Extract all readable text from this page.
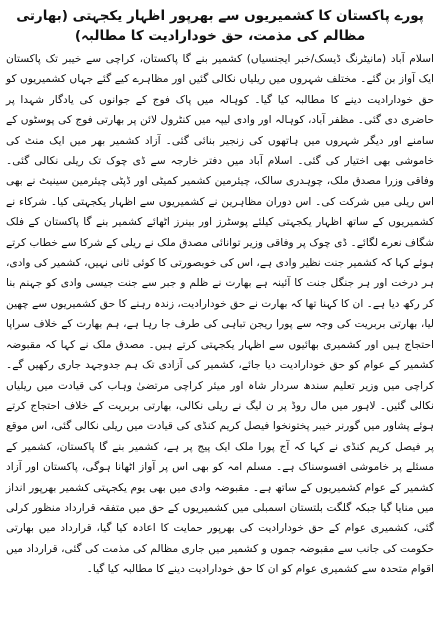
پورے پاکستان کا کشمیریوں سے بھرپور اظہار یکجہتی (بھارتی مظالم کی مذمت، حق خودارادیت کا مطالبہ)

اسلام آباد (مانیٹرنگ ڈیسک/خبر ایجنسیاں) کشمیر بنے گا پاکستان، کراچی سے خیبر تک پاکستان ایک آواز بن گئے۔ مختلف شہروں میں ریلیاں نکالی گئیں اور مظاہرے کیے گئے جہاں کشمیریوں کو حق خودارادیت دینے کا مطالبہ کیا گیا۔ کوہالہ میں پاک فوج کے جوانوں کی یادگار شہدا پر حاضری دی گئی۔ مظفر آباد، کوہالہ اور وادی لیپہ میں کنٹرول لائن پر بھارتی فوج کی پوسٹوں کے سامنے اور دیگر شہروں میں ہاتھوں کی زنجیر بنائی گئی۔ آزاد کشمیر بھر میں ایک منٹ کی خاموشی بھی اختیار کی گئی۔ اسلام آباد میں دفتر خارجہ سے ڈی چوک تک ریلی نکالی گئی۔ وفاقی وزرا مصدق ملک، چوہدری سالک، چیئرمین کشمیر کمیٹی اور ڈپٹی چیئرمین سینیٹ نے بھی اس ریلی میں شرکت کی۔ اس دوران مظاہرین نے کشمیریوں سے اظہار یکجہتی کیا۔ شرکاء نے کشمیریوں کے ساتھ اظہار یکجہتی کیلئے پوسٹرز اور بینرز اٹھائے کشمیر بنے گا پاکستان کے فلک شگاف نعرے لگائے۔ ڈی چوک پر وفاقی وزیر توانائی مصدق ملک نے ریلی کے شرکا سے خطاب کرتے ہوئے کہا کہ کشمیر جنت نظیر وادی ہے، اس کی خوبصورتی کا کوئی ثانی نہیں، کشمیر کی وادی، ہر درخت اور ہر جنگل جنت کا آئینہ ہے بھارت نے ظلم و جبر سے جنت جیسی وادی کو جہنم بنا کر رکھ دیا ہے۔ ان کا کہنا تھا کہ بھارت نے حق خودارادیت، زندہ رہنے کا حق کشمیریوں سے چھین لیا، بھارتی بربریت کی وجہ سے پورا ریجن تباہی کی طرف جا رہا ہے، ہم بھارت کے خلاف سراپا احتجاج ہیں اور کشمیری بھائیوں سے اظہار یکجہتی کرتے ہیں۔ مصدق ملک نے کہا کہ مقبوضہ کشمیر کے عوام کو حق خودارادیت دیا جائے، کشمیر کی آزادی تک ہم جدوجہد جاری رکھیں گے۔ کراچی میں وزیر تعلیم سندھ سردار شاہ اور میئر کراچی مرتضیٰ وہاب کی قیادت میں ریلیاں نکالی گئیں۔ لاہور میں مال روڈ پر ن لیگ نے ریلی نکالی، بھارتی بربریت کے خلاف احتجاج کرتے ہوئے پشاور میں گورنر خیبر پختونخوا فیصل کریم کنڈی کی قیادت میں ریلی نکالی گئی، اس موقع پر فیصل کریم کنڈی نے کہا کہ آج پورا ملک ایک پیج پر ہے، کشمیر بنے گا پاکستان، کشمیر کے مسئلے پر خاموشی افسوسناک ہے۔ مسلم امہ کو بھی اس پر آواز اٹھانا ہوگی، پاکستان اور آزاد کشمیر کے عوام کشمیریوں کے ساتھ ہے۔ مقبوضہ وادی میں بھی یوم یکجہتی کشمیر بھرپور انداز میں منایا گیا جبکہ گلگت بلتستان اسمبلی میں کشمیریوں کے حق میں متفقہ قرارداد منظور کرلی گئی، کشمیری عوام کے حق خودارادیت کی بھرپور حمایت کا اعادہ کیا گیا، قرارداد میں بھارتی حکومت کی جانب سے مقبوضہ جموں و کشمیر میں جاری مظالم کی مذمت کی گئی، قرارداد میں اقوام متحدہ سے کشمیری عوام کو ان کا حق خودارادیت دینے کا مطالبہ کیا گیا۔
